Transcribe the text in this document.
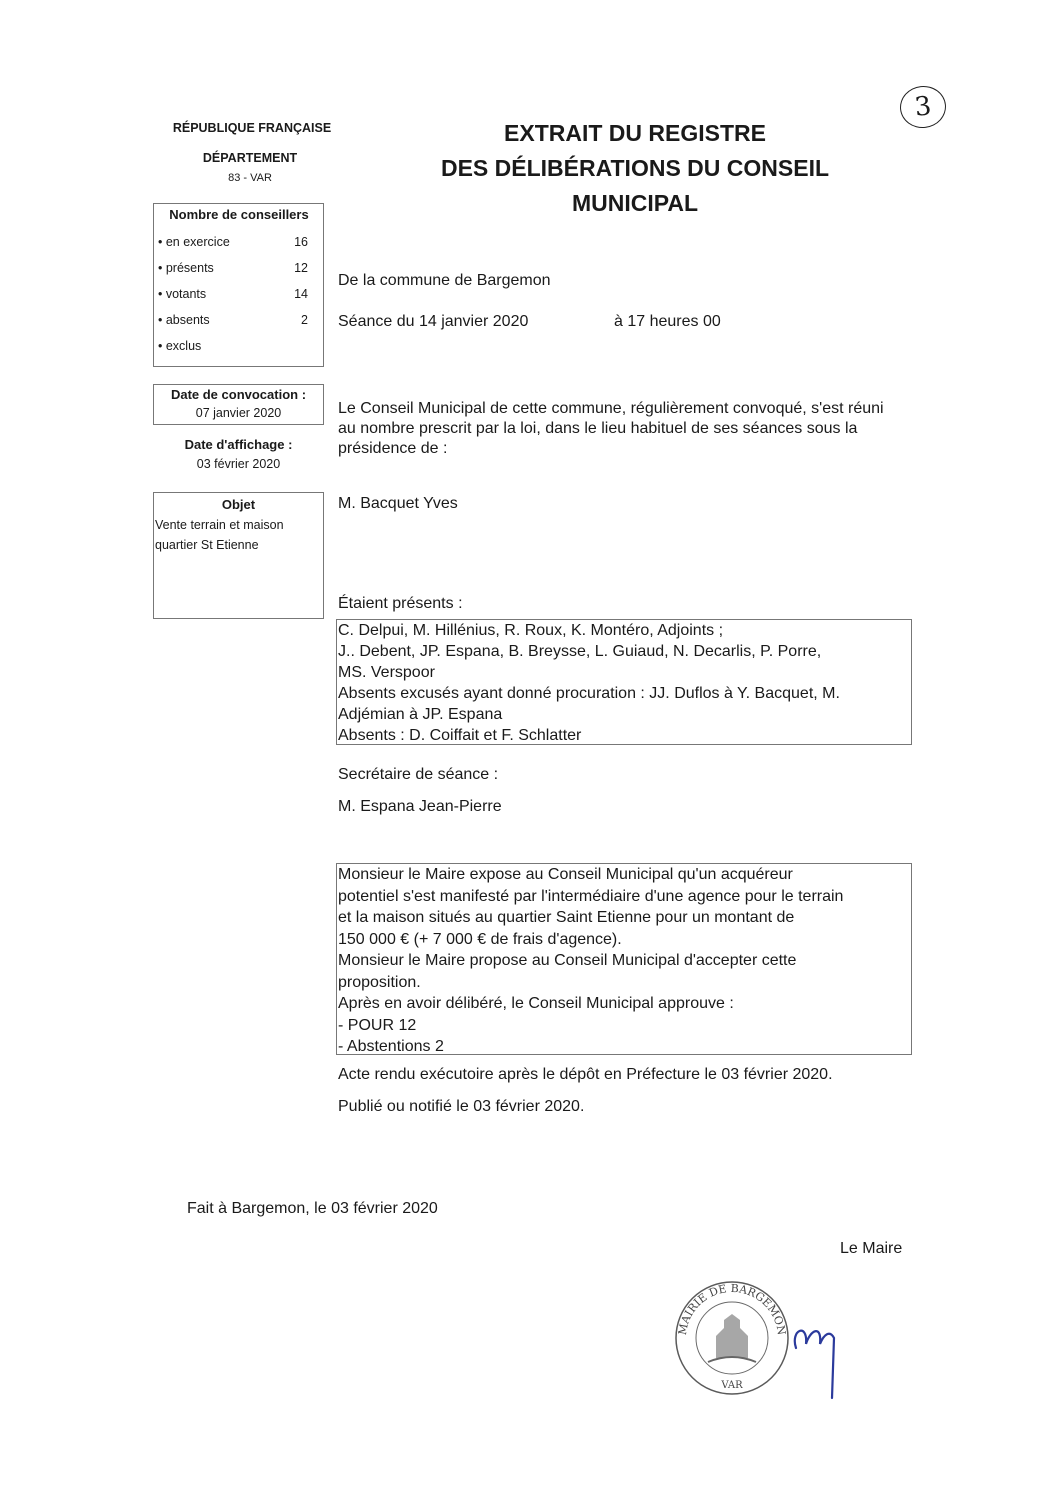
3
RÉPUBLIQUE FRANÇAISE
DÉPARTEMENT
83 - VAR
EXTRAIT DU REGISTRE
DES DÉLIBÉRATIONS DU CONSEIL
MUNICIPAL
Nombre de conseillers
• en exercice	16
• présents	12
• votants	14
• absents	2
• exclus
Date de convocation :
07 janvier 2020
Date d'affichage :
03 février 2020
Objet
Vente terrain et maison
quartier St Etienne
De la commune de Bargemon
Séance du 14 janvier 2020	à 17 heures 00
Le Conseil Municipal de cette commune, régulièrement convoqué, s'est réuni au nombre prescrit par la loi, dans le lieu habituel de ses séances sous la présidence de :
M. Bacquet Yves
Étaient présents :
C. Delpui, M. Hillénius, R. Roux, K. Montéro, Adjoints ;
J.. Debent, JP. Espana, B. Breysse, L. Guiaud, N. Decarlis, P. Porre,
MS. Verspoor
Absents excusés ayant donné procuration : JJ. Duflos à Y. Bacquet, M.
Adjémian à JP. Espana
Absents : D. Coiffait et F. Schlatter
Secrétaire de séance :
M. Espana Jean-Pierre
Monsieur le Maire expose au Conseil Municipal qu'un acquéreur
potentiel s'est manifesté par l'intermédiaire d'une agence pour le terrain
et la maison situés au quartier Saint Etienne pour un montant de
150 000 € (+ 7 000 € de frais d'agence).
Monsieur le Maire propose au Conseil Municipal d'accepter cette
proposition.
Après en avoir délibéré, le Conseil Municipal approuve :
- POUR 12
- Abstentions 2
Acte rendu exécutoire après le dépôt en Préfecture le 03 février 2020.
Publié ou notifié le 03 février 2020.
Fait à Bargemon, le 03 février 2020
Le Maire
MAIRIE DE BARGEMON
VAR
